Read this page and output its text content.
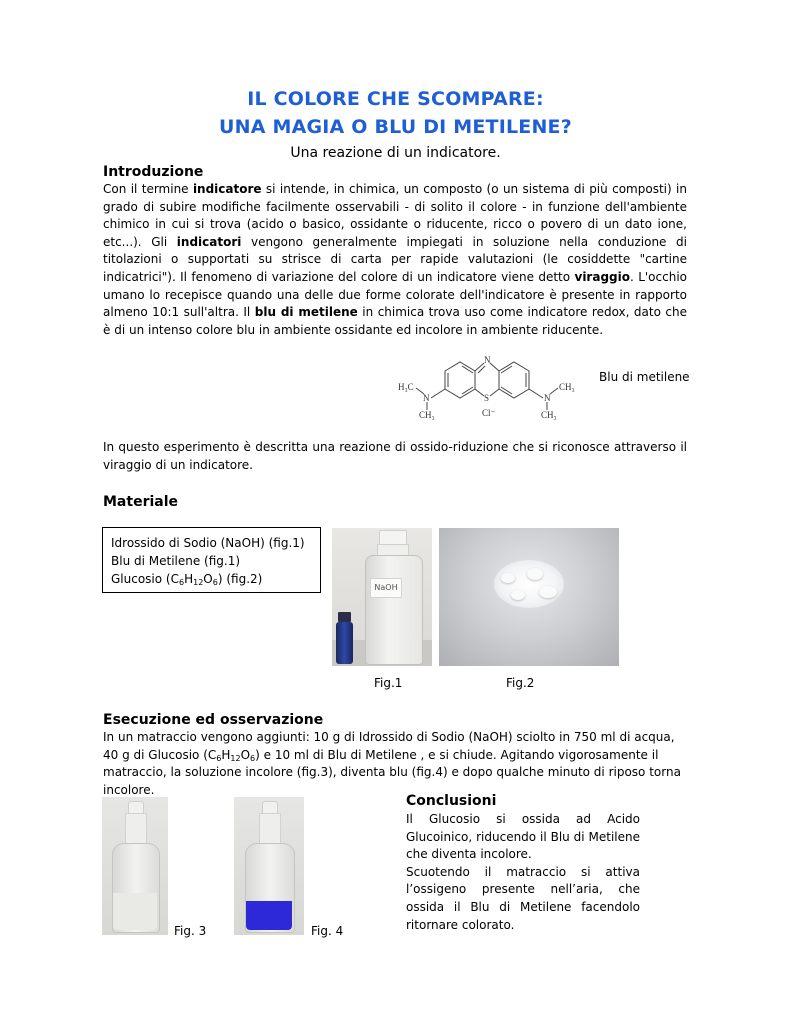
IL COLORE CHE SCOMPARE:
UNA MAGIA O BLU DI METILENE?
Una reazione di un indicatore.
Introduzione

Con il termine indicatore si intende, in chimica, un composto (o un sistema di più composti) in grado di subire modifiche facilmente osservabili - di solito il colore - in funzione dell'ambiente chimico in cui si trova (acido o basico, ossidante o riducente, ricco o povero di un dato ione, etc...). Gli indicatori vengono generalmente impiegati in soluzione nella conduzione di titolazioni o supportati su strisce di carta per rapide valutazioni (le cosiddette "cartine indicatrici"). Il fenomeno di variazione del colore di un indicatore viene detto viraggio. L'occhio umano lo recepisce quando una delle due forme colorate dell'indicatore è presente in rapporto almeno 10:1 sull'altra. Il blu di metilene in chimica trova uso come indicatore redox, dato che è di un intenso colore blu in ambiente ossidante ed incolore in ambiente riducente.

N
S
H₃C
N
CH₃
CH₃
N
CH₃
Cl⁻
Blu di metilene
In questo esperimento è descritta una reazione di ossido-riduzione che si riconosce attraverso il viraggio di un indicatore.
Materiale
Idrossido di Sodio (NaOH) (fig.1)
Blu di Metilene (fig.1)
Glucosio $(C_6H_{12}O_6)$ (fig.2)
NaOH
Fig.1	Fig.2
Esecuzione ed osservazione

In un matraccio vengono aggiunti: 10 g di Idrossido di Sodio (NaOH) sciolto in 750 ml di acqua, 40 g di Glucosio $(C_6H_{12}O_6)$ e 10 ml di Blu di Metilene , e si chiude. Agitando vigorosamente il matraccio, la soluzione incolore (fig.3), diventa blu (fig.4) e dopo qualche minuto di riposo torna incolore.

Fig. 3	Fig. 4
Conclusioni

Il Glucosio si ossida ad Acido Glucoinico, riducendo il Blu di Metilene che diventa incolore.

Scuotendo il matraccio si attiva l’ossigeno presente nell’aria, che ossida il Blu di Metilene facendolo ritornare colorato.
